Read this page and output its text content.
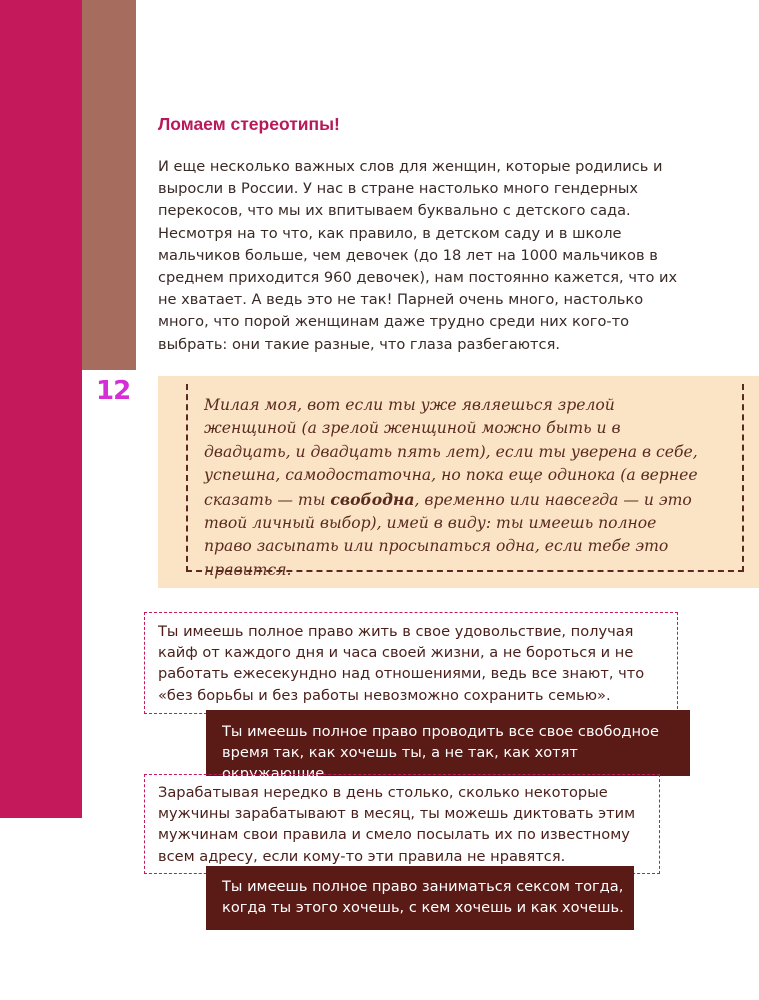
12
Ломаем стереотипы!

И еще несколько важных слов для женщин, которые родились и выросли в России. У нас в стране настолько много гендерных перекосов, что мы их впитываем буквально с детского сада. Несмотря на то что, как правило, в детском саду и в школе мальчиков больше, чем девочек (до 18 лет на 1000 мальчиков в среднем приходится 960 девочек), нам постоянно кажется, что их не хватает. А ведь это не так! Парней очень много, настолько много, что порой женщинам даже трудно среди них кого-то выбрать: они такие разные, что глаза разбегаются.

Милая моя, вот если ты уже являешься зрелой женщиной (а зрелой женщиной можно быть и в двадцать, и двадцать пять лет), если ты уверена в себе, успешна, самодостаточна, но пока еще одинока (а вернее сказать — ты свободна, временно или навсегда — и это твой личный выбор), имей в виду: ты имеешь полное право засыпать или просыпаться одна, если тебе это нравится.

Ты имеешь полное право жить в свое удовольствие, получая кайф от каждого дня и часа своей жизни, а не бороться и не работать ежесекундно над отношениями, ведь все знают, что «без борьбы и без работы невозможно сохранить семью».

Ты имеешь полное право проводить все свое свободное время так, как хочешь ты, а не так, как хотят окружающие.

Зарабатывая нередко в день столько, сколько некоторые мужчины зарабатывают в месяц, ты можешь диктовать этим мужчинам свои правила и смело посылать их по известному всем адресу, если кому-то эти правила не нравятся.

Ты имеешь полное право заниматься сексом тогда, когда ты этого хочешь, с кем хочешь и как хочешь.
